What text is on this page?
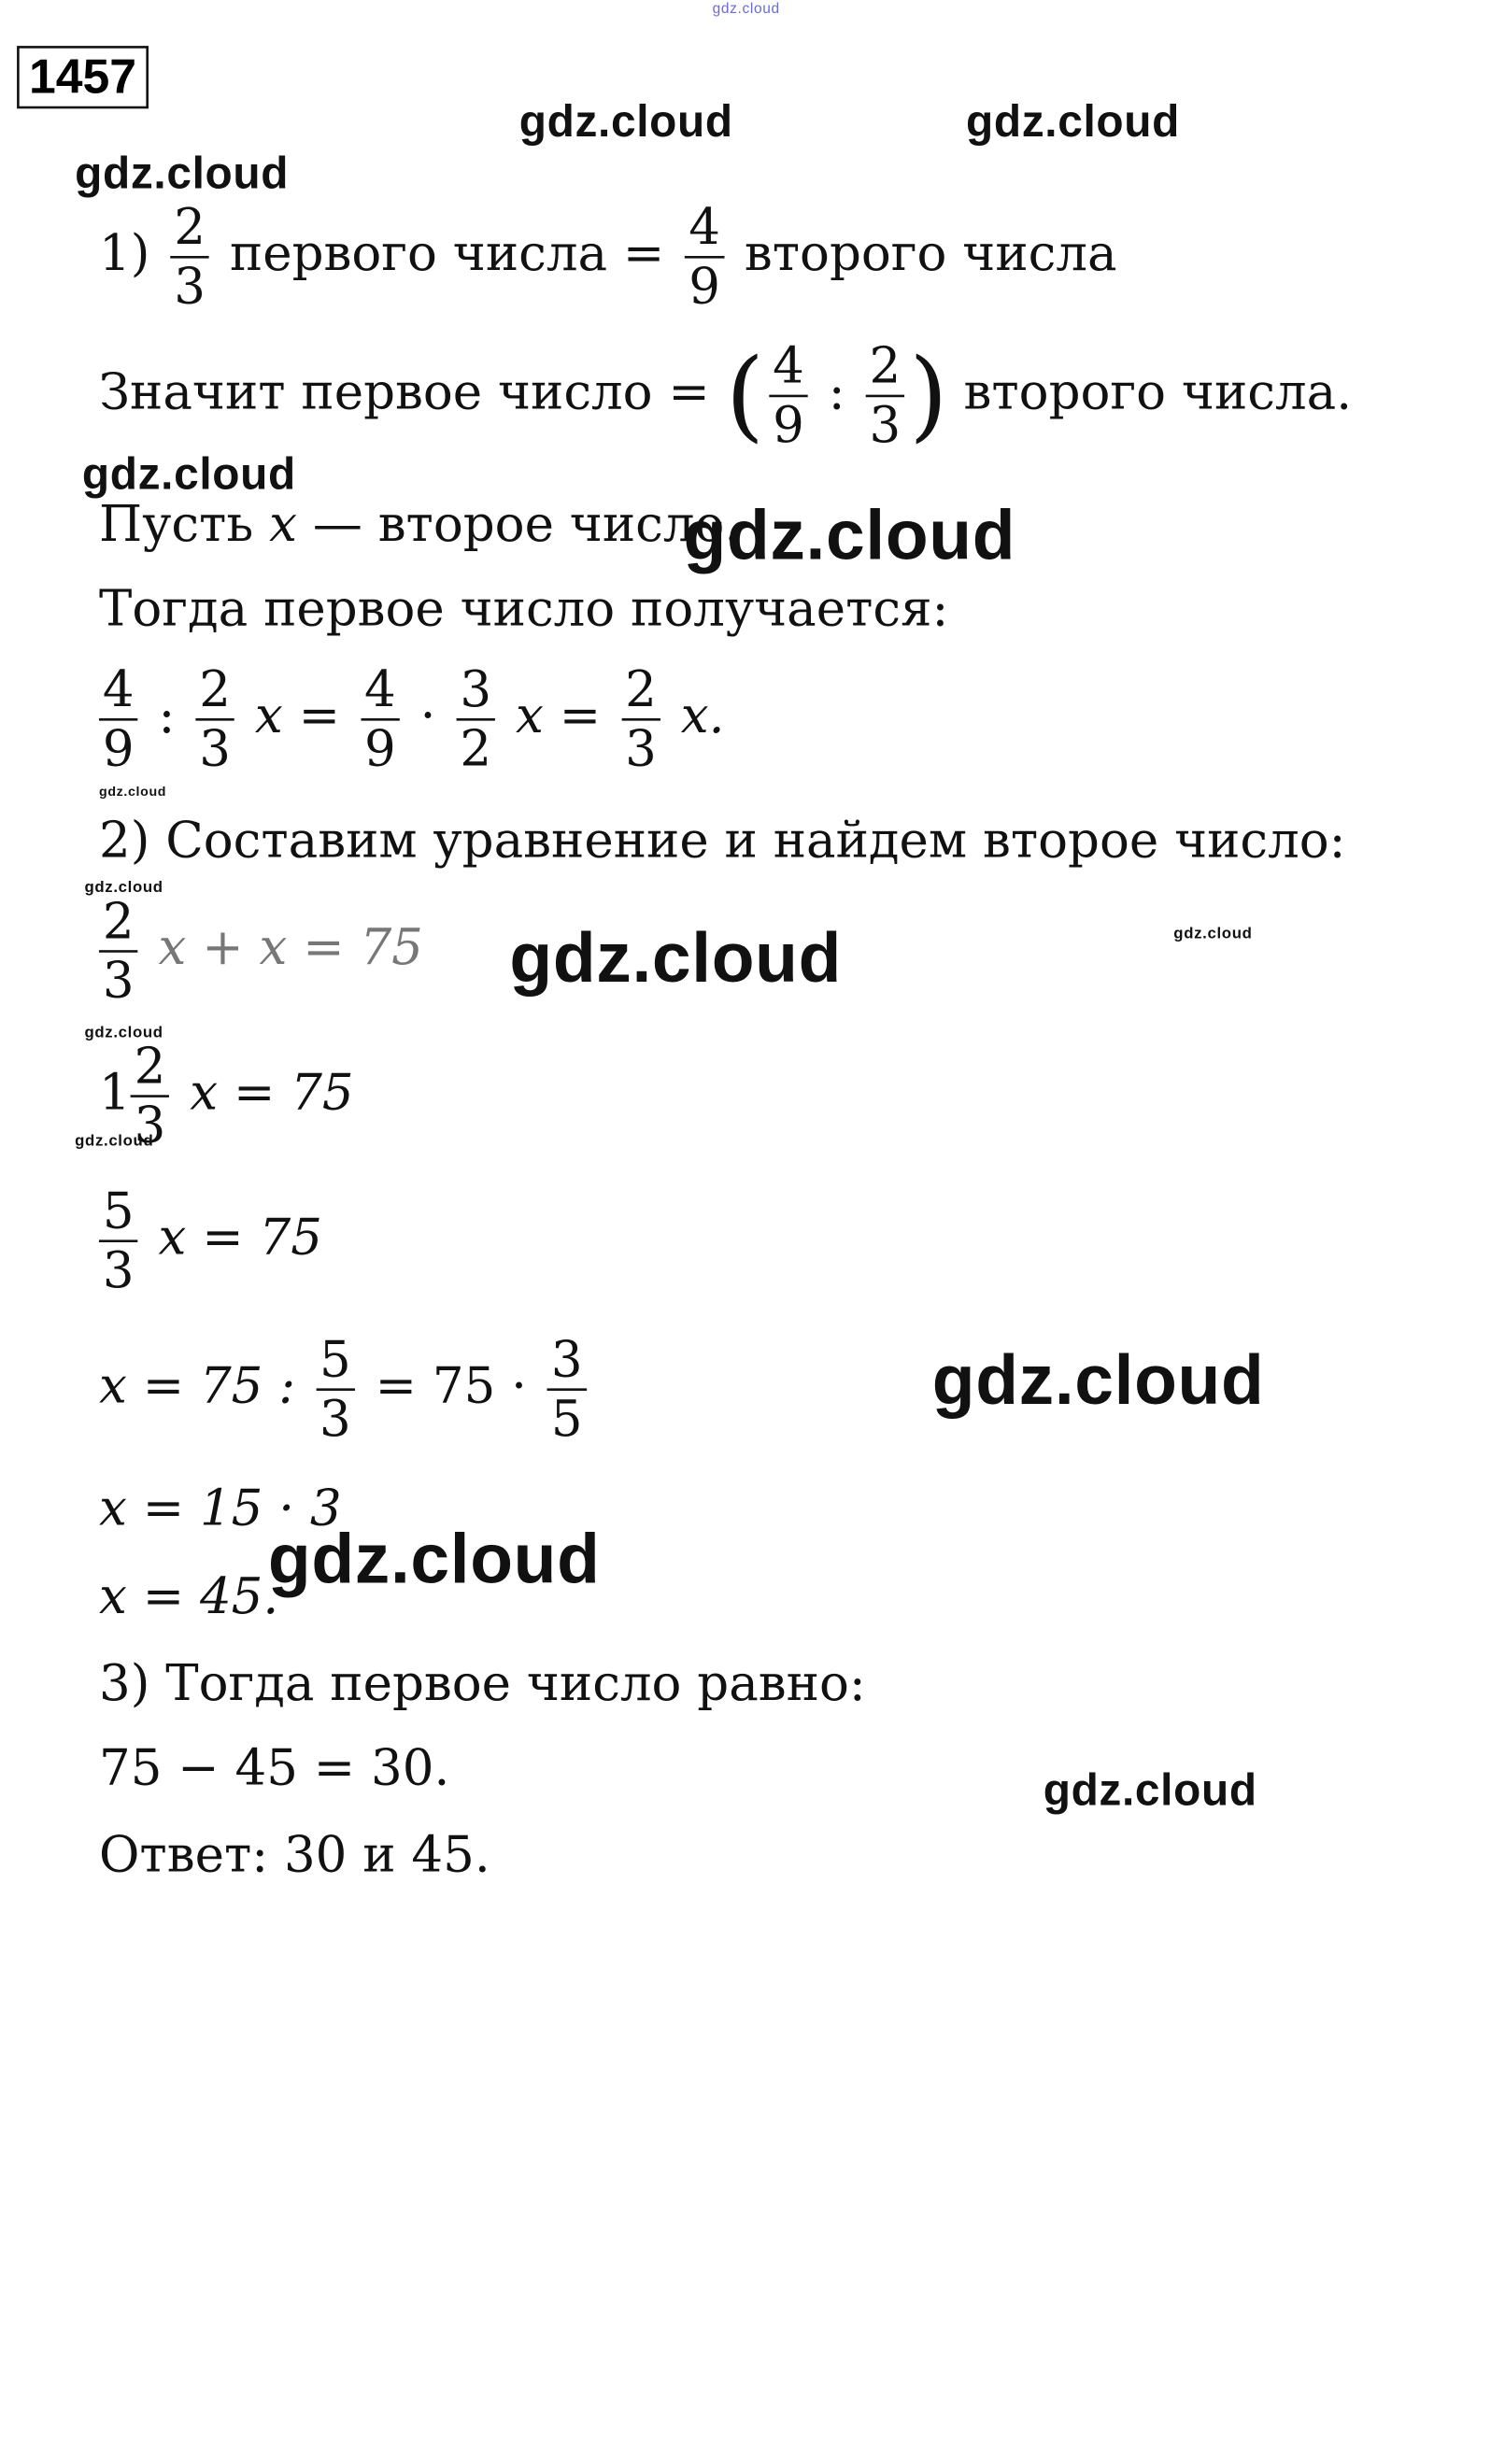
1457
gdz.cloud
gdz.cloud	gdz.cloud
gdz.cloud
gdz.cloud
gdz.cloud
gdz.cloud
gdz.cloud
gdz.cloud	gdz.cloud
gdz.cloud
gdz.cloud
gdz.cloud
gdz.cloud
gdz.cloud
$1) \frac{2}{3}$ первого числа = $\frac{4}{9}$ второго числа
Значит первое число = ( $\frac{4}{9}$ : $\frac{2}{3}$ ) второго числа.
Пусть x — второе число.
Тогда первое число получается:
$\frac{4}{9}$ : $\frac{2}{3}$ $x = \frac{4}{9} \cdot \frac{3}{2}$ $x = \frac{2}{3} x$.
2) Составим уравнение и найдем второе число:
$\frac{2}{3}$ x + x = 75
$1 \frac{2}{3}$ x = 75
$\frac{5}{3}$ x = 75
x = 75 : $\frac{5}{3} = 75 \cdot \frac{3}{5}$
x = 15 · 3
x = 45.
3) Тогда первое число равно:
75 − 45 = 30.
Ответ: 30 и 45.
